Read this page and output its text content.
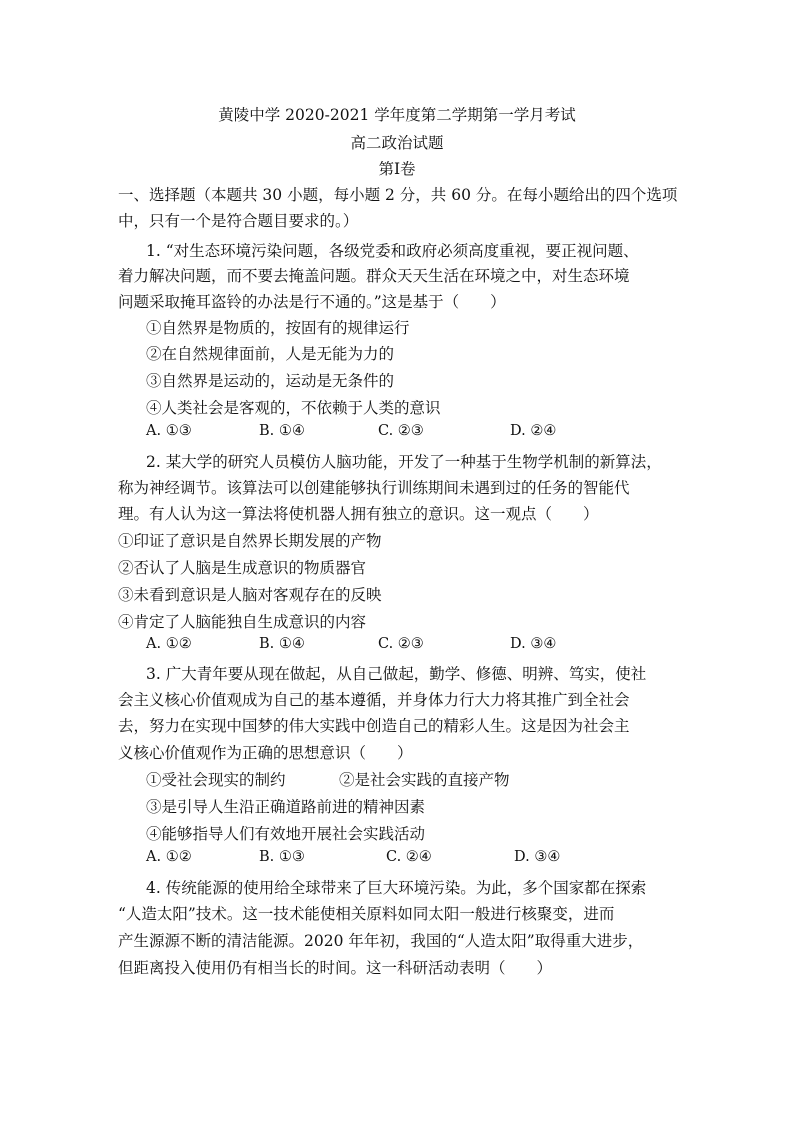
黄陵中学 2020-2021 学年度第二学期第一学月考试
高二政治试题
第Ⅰ卷
一、选择题（本题共 30 小题，每小题 2 分，共 60 分。在每小题给出的四个选项
中，只有一个是符合题目要求的。）
1. “对生态环境污染问题，各级党委和政府必须高度重视，要正视问题、
着力解决问题，而不要去掩盖问题。群众天天生活在环境之中，对生态环境
问题采取掩耳盗铃的办法是行不通的。”这是基于（　　）
①自然界是物质的，按固有的规律运行
②在自然规律面前，人是无能为力的
③自然界是运动的，运动是无条件的
④人类社会是客观的，不依赖于人类的意识
A. ①③	B. ①④	C. ②③	D. ②④
2. 某大学的研究人员模仿人脑功能，开发了一种基于生物学机制的新算法，
称为神经调节。该算法可以创建能够执行训练期间未遇到过的任务的智能代
理。有人认为这一算法将使机器人拥有独立的意识。这一观点（　　）
①印证了意识是自然界长期发展的产物
②否认了人脑是生成意识的物质器官
③未看到意识是人脑对客观存在的反映
④肯定了人脑能独自生成意识的内容
A. ①②	B. ①④	C. ②③	D. ③④
3. 广大青年要从现在做起，从自己做起，勤学、修德、明辨、笃实，使社
会主义核心价值观成为自己的基本遵循，并身体力行大力将其推广到全社会
去，努力在实现中国梦的伟大实践中创造自己的精彩人生。这是因为社会主
义核心价值观作为正确的思想意识（　　）
①受社会现实的制约	②是社会实践的直接产物
③是引导人生沿正确道路前进的精神因素
④能够指导人们有效地开展社会实践活动
A. ①②	B. ①③	C. ②④	D. ③④
4. 传统能源的使用给全球带来了巨大环境污染。为此，多个国家都在探索
“人造太阳”技术。这一技术能使相关原料如同太阳一般进行核聚变，进而
产生源源不断的清洁能源。2020 年年初，我国的“人造太阳”取得重大进步，
但距离投入使用仍有相当长的时间。这一科研活动表明（　　）
